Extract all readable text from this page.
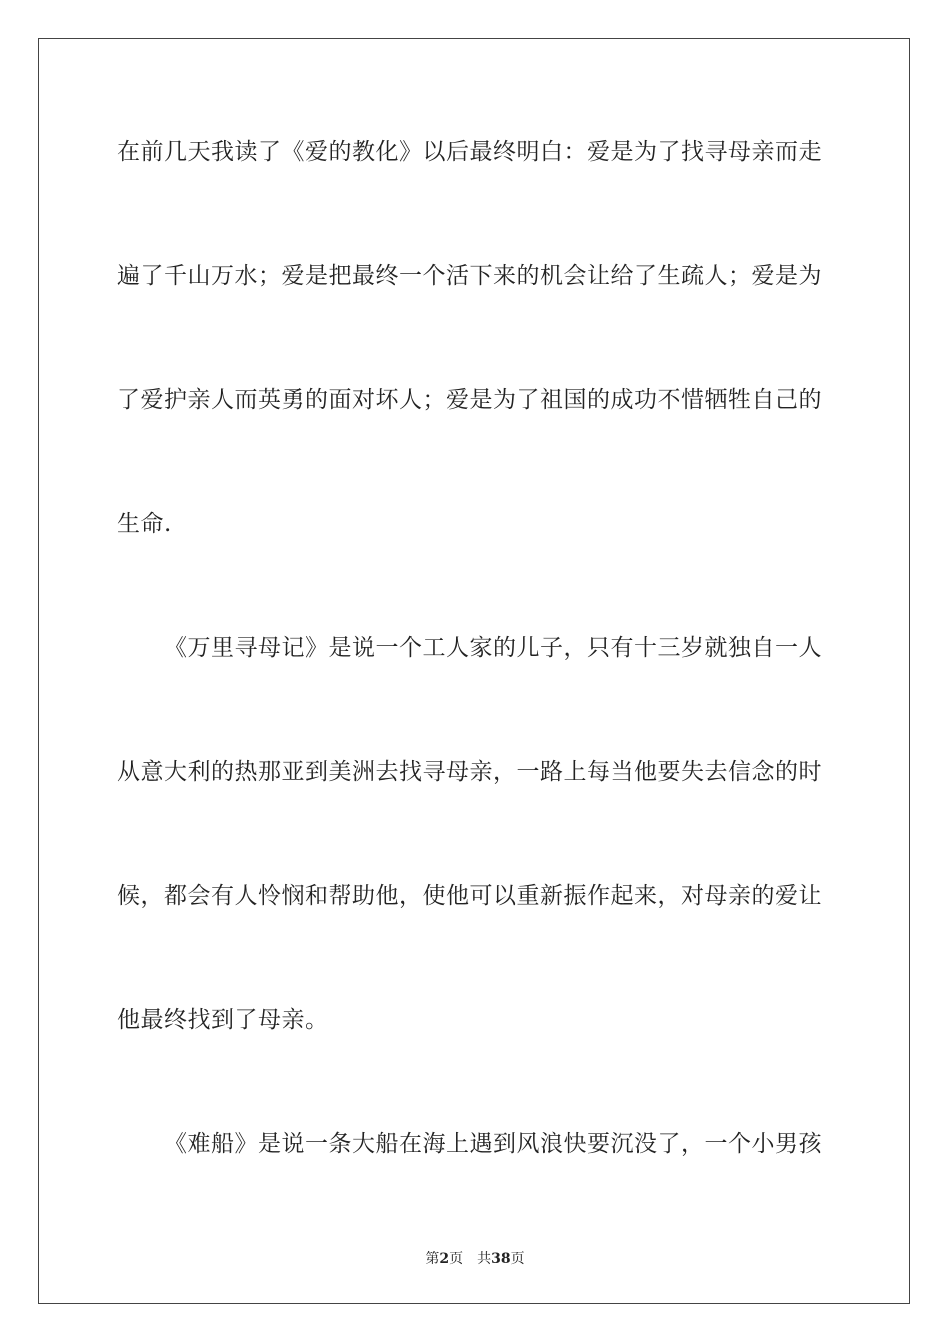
在前几天我读了《爱的教化》以后最终明白：爱是为了找寻母亲而走

遍了千山万水；爱是把最终一个活下来的机会让给了生疏人；爱是为

了爱护亲人而英勇的面对坏人；爱是为了祖国的成功不惜牺牲自己的

生命.

《万里寻母记》是说一个工人家的儿子，只有十三岁就独自一人

从意大利的热那亚到美洲去找寻母亲，一路上每当他要失去信念的时

候，都会有人怜悯和帮助他，使他可以重新振作起来，对母亲的爱让

他最终找到了母亲。

《难船》是说一条大船在海上遇到风浪快要沉没了，一个小男孩

第2页 共38页
